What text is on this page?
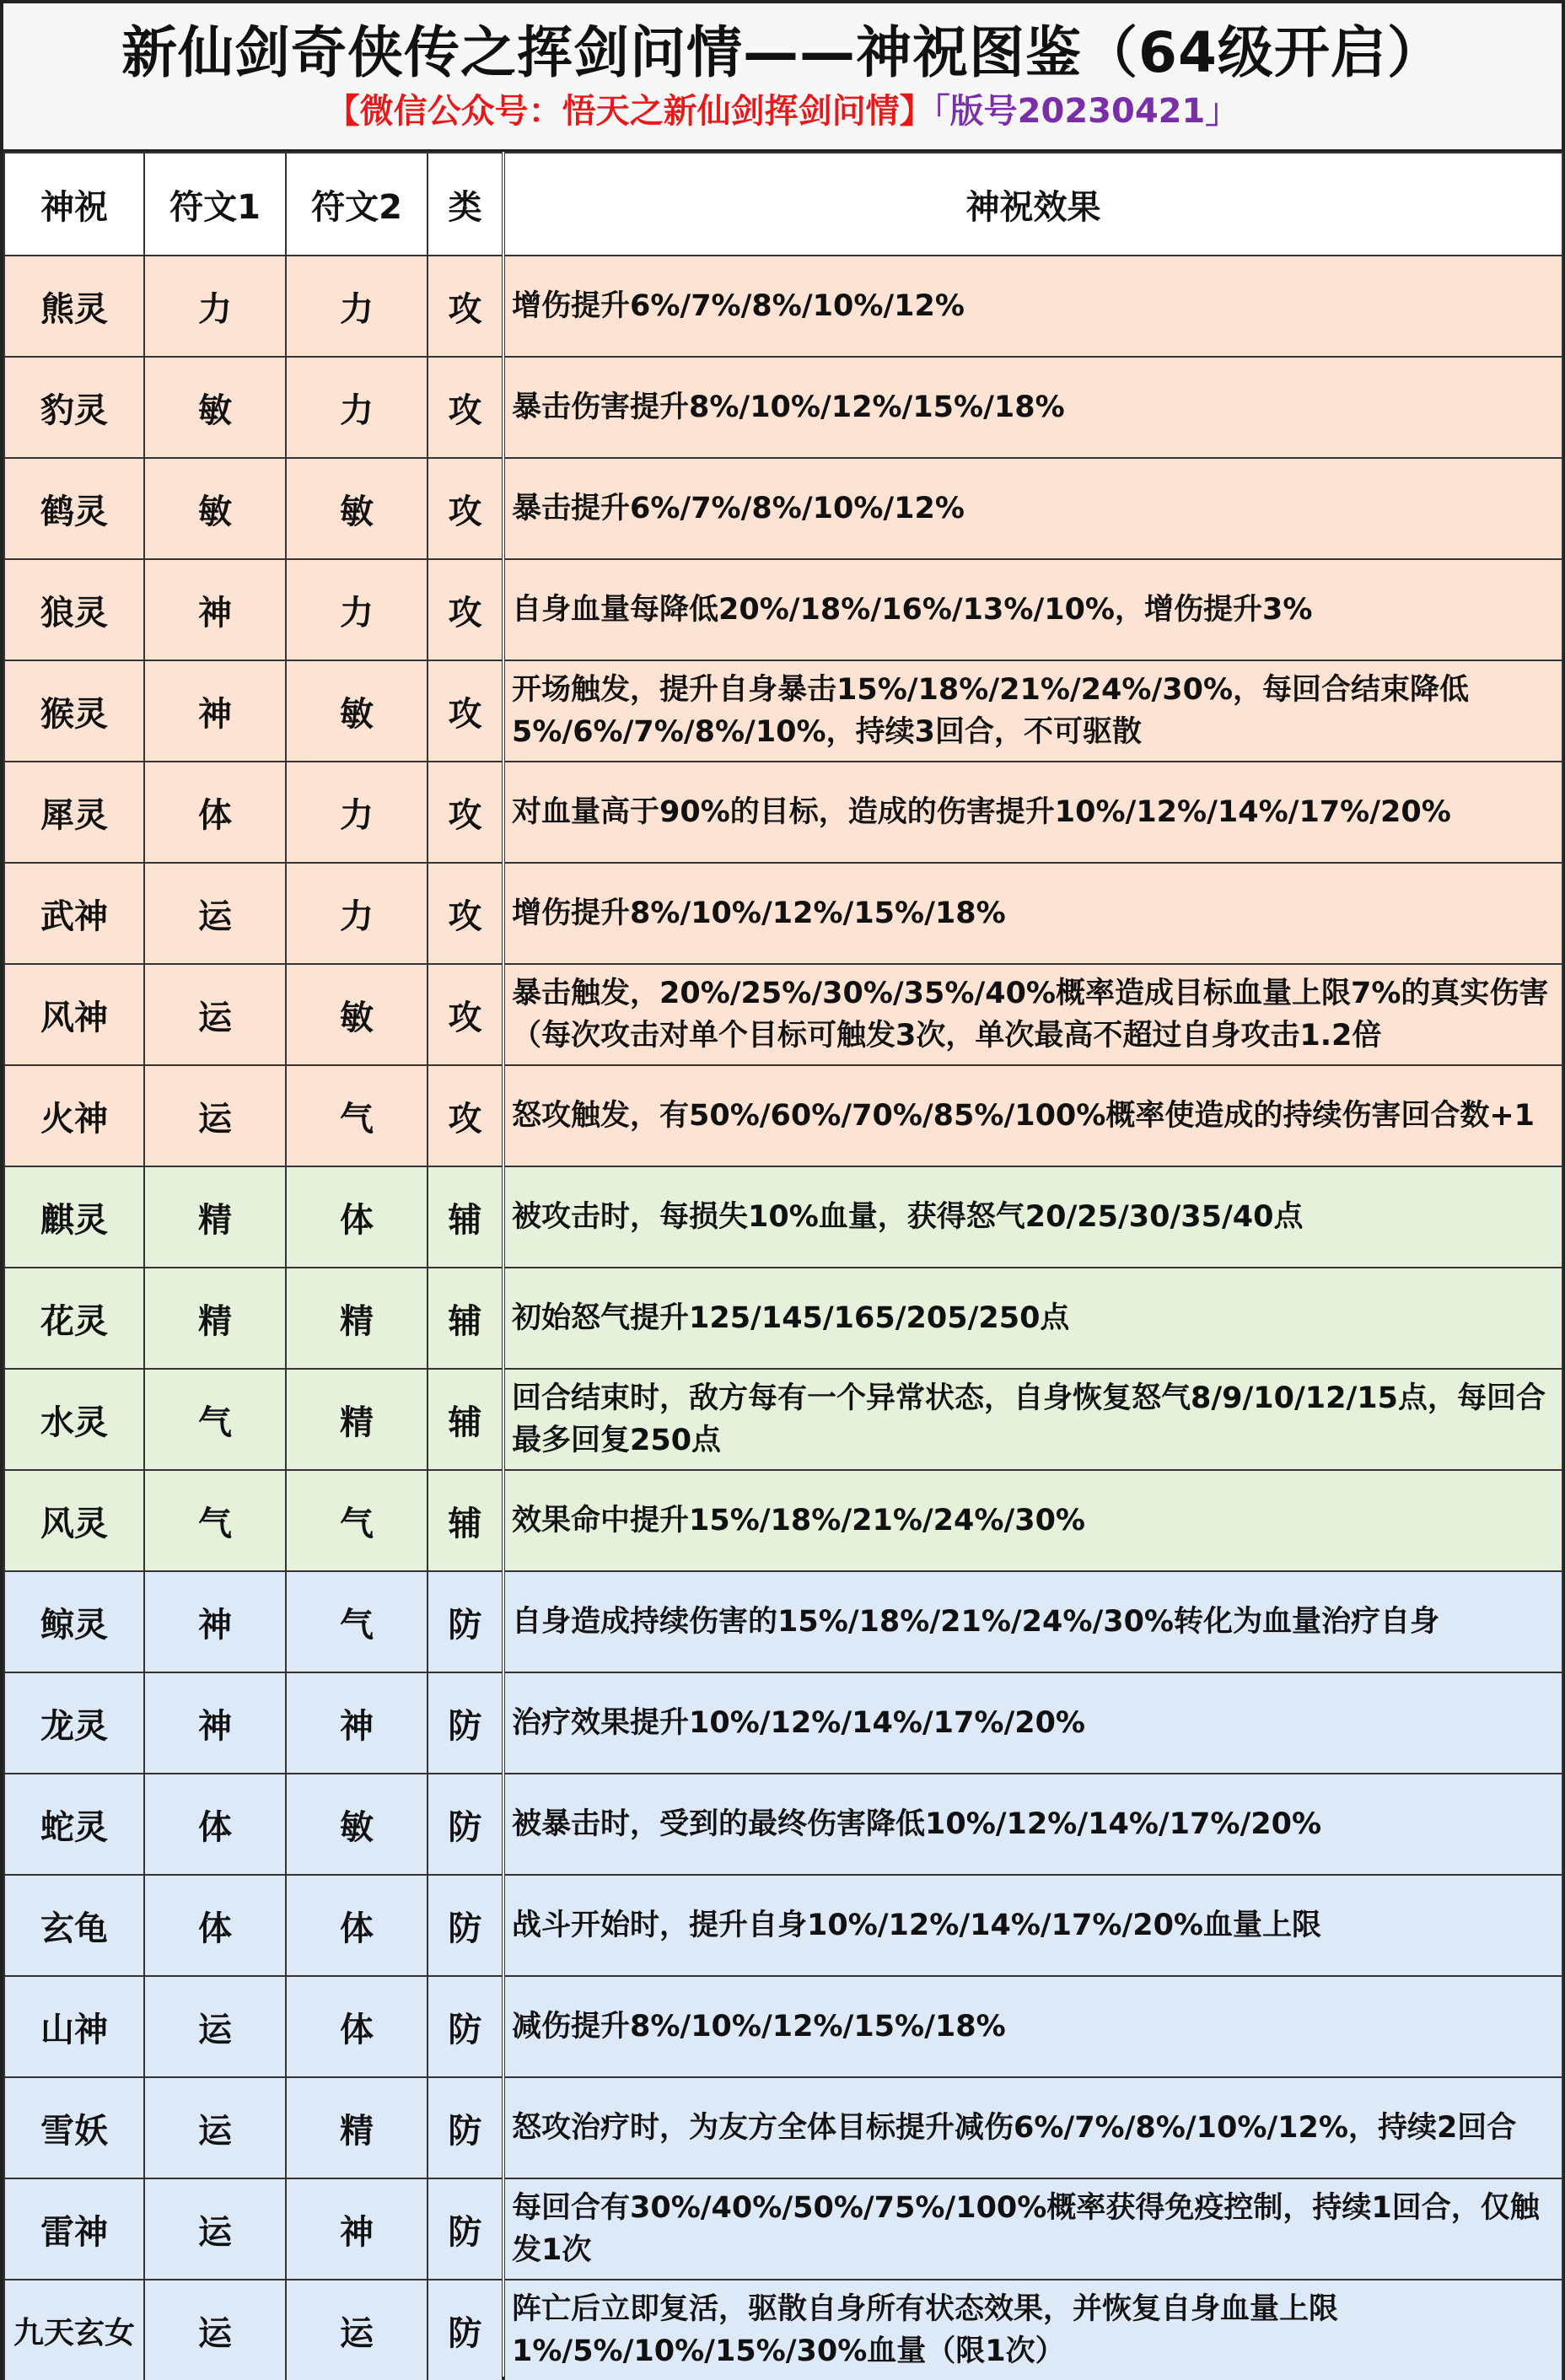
新仙剑奇侠传之挥剑问情——神祝图鉴（64级开启）
【微信公众号：悟天之新仙剑挥剑问情】「版号20230421」
神祝	符文1	符文2	类	神祝效果
熊灵	力	力	攻	增伤提升6%/7%/8%/10%/12%
豹灵	敏	力	攻	暴击伤害提升8%/10%/12%/15%/18%
鹤灵	敏	敏	攻	暴击提升6%/7%/8%/10%/12%
狼灵	神	力	攻	自身血量每降低20%/18%/16%/13%/10%，增伤提升3%
猴灵	神	敏	攻	开场触发，提升自身暴击15%/18%/21%/24%/30%，每回合结束降低5%/6%/7%/8%/10%，持续3回合，不可驱散
犀灵	体	力	攻	对血量高于90%的目标，造成的伤害提升10%/12%/14%/17%/20%
武神	运	力	攻	增伤提升8%/10%/12%/15%/18%
风神	运	敏	攻	暴击触发，20%/25%/30%/35%/40%概率造成目标血量上限7%的真实伤害（每次攻击对单个目标可触发3次，单次最高不超过自身攻击1.2倍
火神	运	气	攻	怒攻触发，有50%/60%/70%/85%/100%概率使造成的持续伤害回合数+1
麒灵	精	体	辅	被攻击时，每损失10%血量，获得怒气20/25/30/35/40点
花灵	精	精	辅	初始怒气提升125/145/165/205/250点
水灵	气	精	辅	回合结束时，敌方每有一个异常状态，自身恢复怒气8/9/10/12/15点，每回合最多回复250点
风灵	气	气	辅	效果命中提升15%/18%/21%/24%/30%
鲸灵	神	气	防	自身造成持续伤害的15%/18%/21%/24%/30%转化为血量治疗自身
龙灵	神	神	防	治疗效果提升10%/12%/14%/17%/20%
蛇灵	体	敏	防	被暴击时，受到的最终伤害降低10%/12%/14%/17%/20%
玄龟	体	体	防	战斗开始时，提升自身10%/12%/14%/17%/20%血量上限
山神	运	体	防	减伤提升8%/10%/12%/15%/18%
雪妖	运	精	防	怒攻治疗时，为友方全体目标提升减伤6%/7%/8%/10%/12%，持续2回合
雷神	运	神	防	每回合有30%/40%/50%/75%/100%概率获得免疫控制，持续1回合，仅触发1次
九天玄女	运	运	防	阵亡后立即复活，驱散自身所有状态效果，并恢复自身血量上限1%/5%/10%/15%/30%血量（限1次）
